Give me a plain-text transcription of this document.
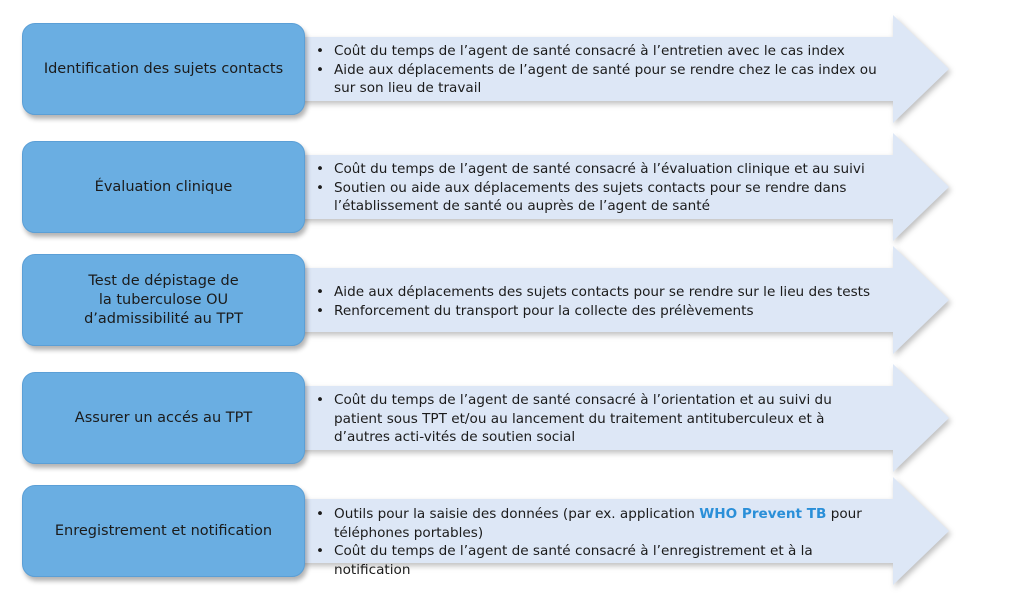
Identification des sujets contacts
• Coût du temps de l’agent de santé consacré à l’entretien avec le cas index
• Aide aux déplacements de l’agent de santé pour se rendre chez le cas index ou sur son lieu de travail
Évaluation clinique
• Coût du temps de l’agent de santé consacré à l’évaluation clinique et au suivi
• Soutien ou aide aux déplacements des sujets contacts pour se rendre dans l’établissement de santé ou auprès de l’agent de santé
Test de dépistage de la tuberculose OU d’admissibilité au TPT
• Aide aux déplacements des sujets contacts pour se rendre sur le lieu des tests
• Renforcement du transport pour la collecte des prélèvements
Assurer un accés au TPT
• Coût du temps de l’agent de santé consacré à l’orientation et au suivi du patient sous TPT et/ou au lancement du traitement antituberculeux et à d’autres acti-vités de soutien social
Enregistrement et notification
• Outils pour la saisie des données (par ex. application WHO Prevent TB pour téléphones portables)
• Coût du temps de l’agent de santé consacré à l’enregistrement et à la notification
